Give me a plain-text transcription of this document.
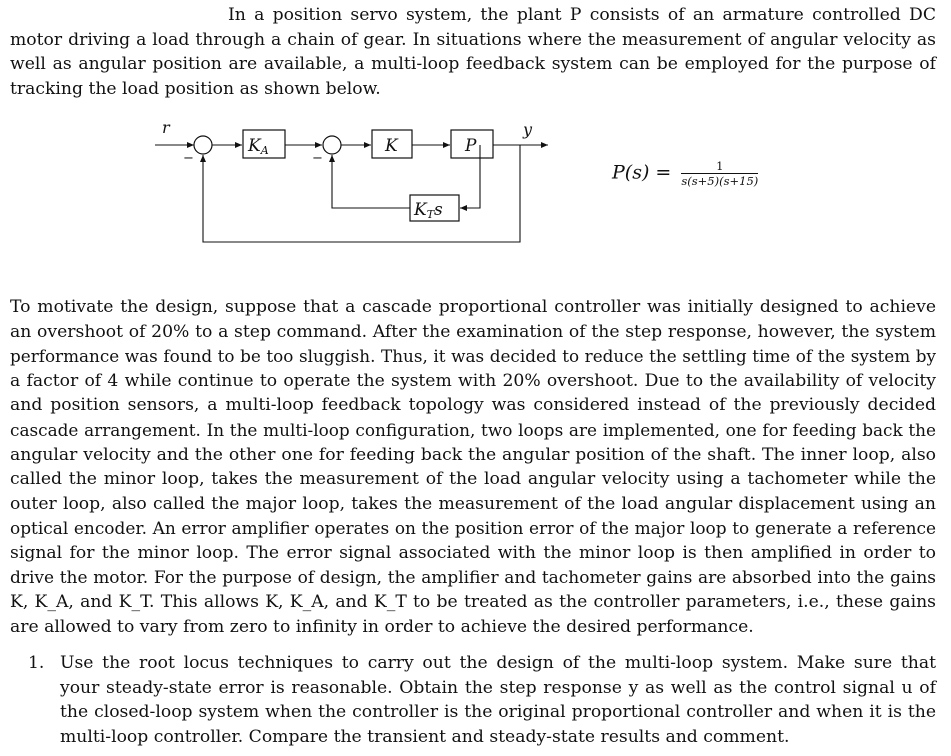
In a position servo system, the plant P consists of an armature controlled DC
motor driving a load through a chain of gear. In situations where the measurement of angular velocity as
well as angular position are available, a multi-loop feedback system can be employed for the purpose of
tracking the load position as shown below.
r
−
KA
−
K	P
y
KTs
$P(s) = \frac{1}{s(s+5)(s+15)}$
To motivate the design, suppose that a cascade proportional controller was initially designed to achieve
an overshoot of 20% to a step command. After the examination of the step response, however, the system
performance was found to be too sluggish. Thus, it was decided to reduce the settling time of the system by
a factor of 4 while continue to operate the system with 20% overshoot. Due to the availability of velocity
and position sensors, a multi-loop feedback topology was considered instead of the previously decided
cascade arrangement. In the multi-loop configuration, two loops are implemented, one for feeding back the
angular velocity and the other one for feeding back the angular position of the shaft. The inner loop, also
called the minor loop, takes the measurement of the load angular velocity using a tachometer while the
outer loop, also called the major loop, takes the measurement of the load angular displacement using an
optical encoder. An error amplifier operates on the position error of the major loop to generate a reference
signal for the minor loop. The error signal associated with the minor loop is then amplified in order to
drive the motor. For the purpose of design, the amplifier and tachometer gains are absorbed into the gains
K, K_A, and K_T. This allows K, K_A, and K_T to be treated as the controller parameters, i.e., these gains
are allowed to vary from zero to infinity in order to achieve the desired performance.
1. Use the root locus techniques to carry out the design of the multi-loop system. Make sure that
your steady-state error is reasonable. Obtain the step response y as well as the control signal u of
the closed-loop system when the controller is the original proportional controller and when it is the
multi-loop controller. Compare the transient and steady-state results and comment.
